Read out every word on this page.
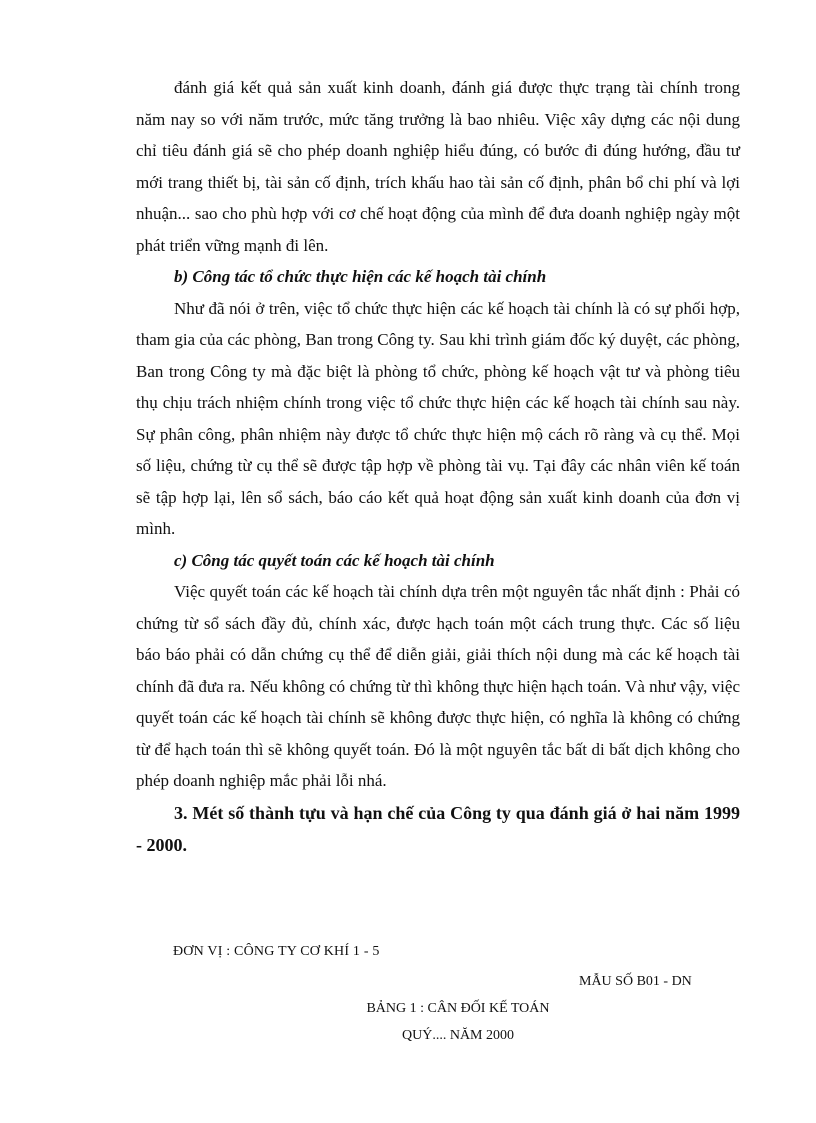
đánh giá kết quả sản xuất kinh doanh, đánh giá được thực trạng tài chính trong năm nay so với năm trước, mức tăng trưởng là bao nhiêu. Việc xây dựng các nội dung chỉ tiêu đánh giá sẽ cho phép doanh nghiệp hiểu đúng, có bước đi đúng hướng, đầu tư mới trang thiết bị, tài sản cố định, trích khấu hao tài sản cố định, phân bổ chi phí và lợi nhuận... sao cho phù hợp với cơ chế hoạt động của mình để đưa doanh nghiệp ngày một phát triển vững mạnh đi lên.

b) Công tác tổ chức thực hiện các kế hoạch tài chính

Như đã nói ở trên, việc tổ chức thực hiện các kế hoạch tài chính là có sự phối hợp, tham gia của các phòng, Ban trong Công ty. Sau khi trình giám đốc ký duyệt, các phòng, Ban trong Công ty mà đặc biệt là phòng tổ chức, phòng kế hoạch vật tư và phòng tiêu thụ chịu trách nhiệm chính trong việc tổ chức thực hiện các kế hoạch tài chính sau này. Sự phân công, phân nhiệm này được tổ chức thực hiện mộ cách rõ ràng và cụ thể. Mọi số liệu, chứng từ cụ thể sẽ được tập hợp về phòng tài vụ. Tại đây các nhân viên kế toán sẽ tập hợp lại, lên sổ sách, báo cáo kết quả hoạt động sản xuất kinh doanh của đơn vị mình.

c) Công tác quyết toán các kế hoạch tài chính

Việc quyết toán các kế hoạch tài chính dựa trên một nguyên tắc nhất định : Phải có chứng từ sổ sách đầy đủ, chính xác, được hạch toán một cách trung thực. Các số liệu báo báo phải có dẫn chứng cụ thể để diễn giải, giải thích nội dung mà các kế hoạch tài chính đã đưa ra. Nếu không có chứng từ thì không thực hiện hạch toán. Và như vậy, việc quyết toán các kế hoạch tài chính sẽ không được thực hiện, có nghĩa là không có chứng từ để hạch toán thì sẽ không quyết toán. Đó là một nguyên tắc bất di bất dịch không cho phép doanh nghiệp mắc phải lỗi nhá.

3. Mét số thành tựu và hạn chế của Công ty qua đánh giá ở hai năm 1999 - 2000.

ĐƠN VỊ : CÔNG TY CƠ KHÍ 1 - 5
MẪU SỐ B01 - DN
BẢNG 1 : CÂN ĐỐI KẾ TOÁN
QUÝ.... NĂM 2000
